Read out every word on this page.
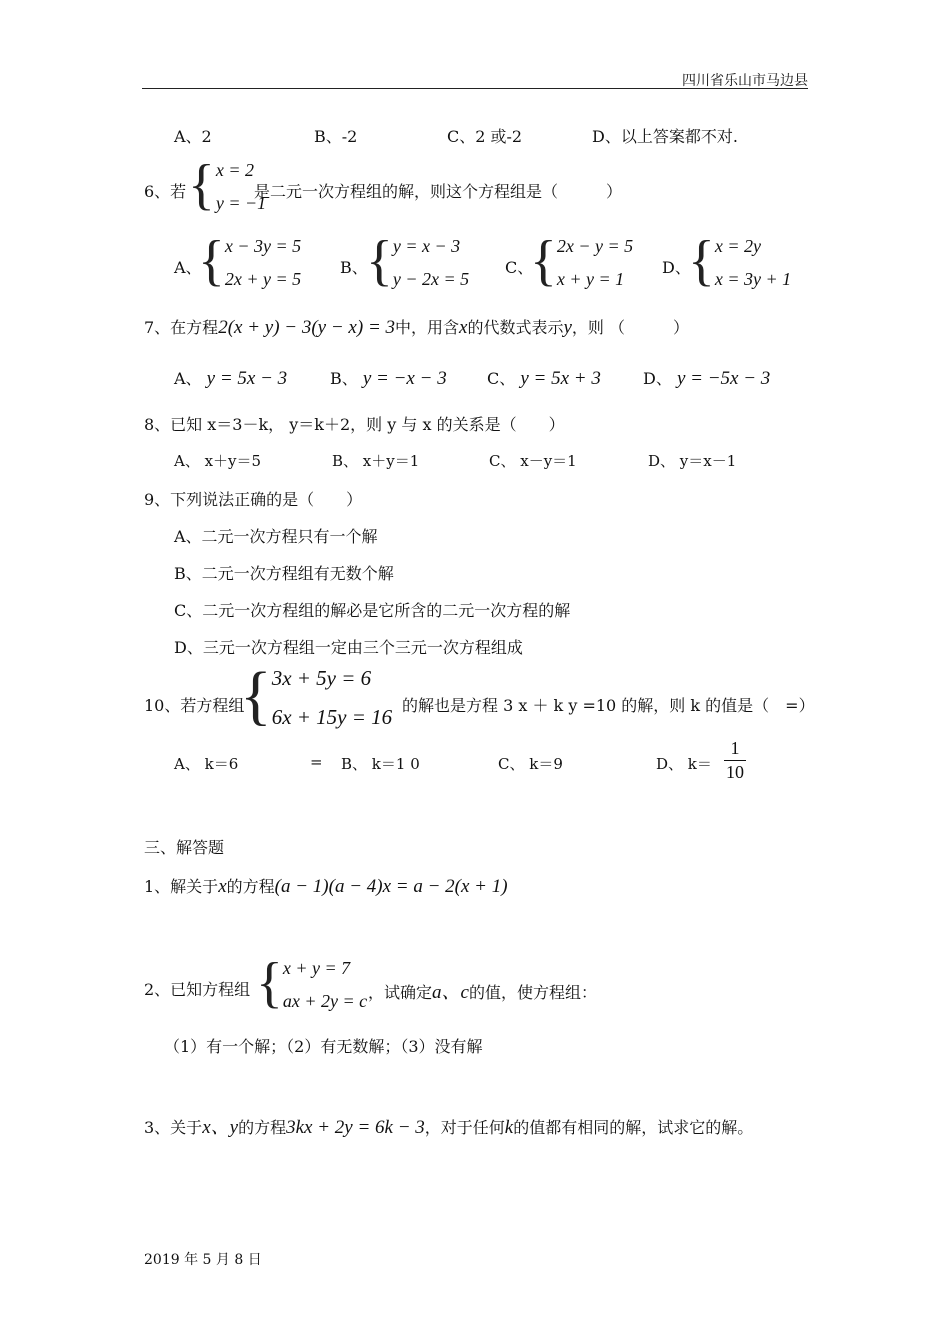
四川省乐山市马边县
A、2	B、-2	C、2 或-2	D、以上答案都不对.
6、若 { x = 2
y = −1
是二元一次方程组的解，则这个方程组是（　　　）
A、
{ x − 3y = 5
2x + y = 5
B、
{ y = x − 3
y − 2x = 5
C、
{ 2x − y = 5
x + y = 1
D、
{ x = 2y
x = 3y + 1
7、在方程2(x + y) − 3(y − x) = 3中，用含x的代数式表示y，则 （　　　）
A、 y = 5x − 3	B、 y = −x − 3	C、 y = 5x + 3	D、 y = −5x − 3
8、已知 x＝3－k， y＝k＋2，则 y 与 x 的关系是（　　）
A、 x＋y＝5	B、 x＋y＝1	C、 x－y＝1	D、 y＝x－1
9、下列说法正确的是（　　）
A、二元一次方程只有一个解
B、二元一次方程组有无数个解
C、二元一次方程组的解必是它所含的二元一次方程的解
D、三元一次方程组一定由三个三元一次方程组成
10、若方程组
{ 3x + 5y = 6
6x + 15y = 16 的解也是方程 3 x ＋ k y =10 的解，则 k 的值是（　=）
A、 k＝6	= B、 k＝1 0	C、 k＝9	D、 k＝
1
10
三、解答题
1、解关于x的方程(a − 1)(a − 4)x = a − 2(x + 1)
2、已知方程组 { x + y = 7
ax + 2y = c ，试确定a、c的值，使方程组：
（1）有一个解；（2）有无数解；（3）没有解
3、关于x、y的方程3kx + 2y = 6k − 3，对于任何k的值都有相同的解，试求它的解。
2019 年 5 月 8 日
